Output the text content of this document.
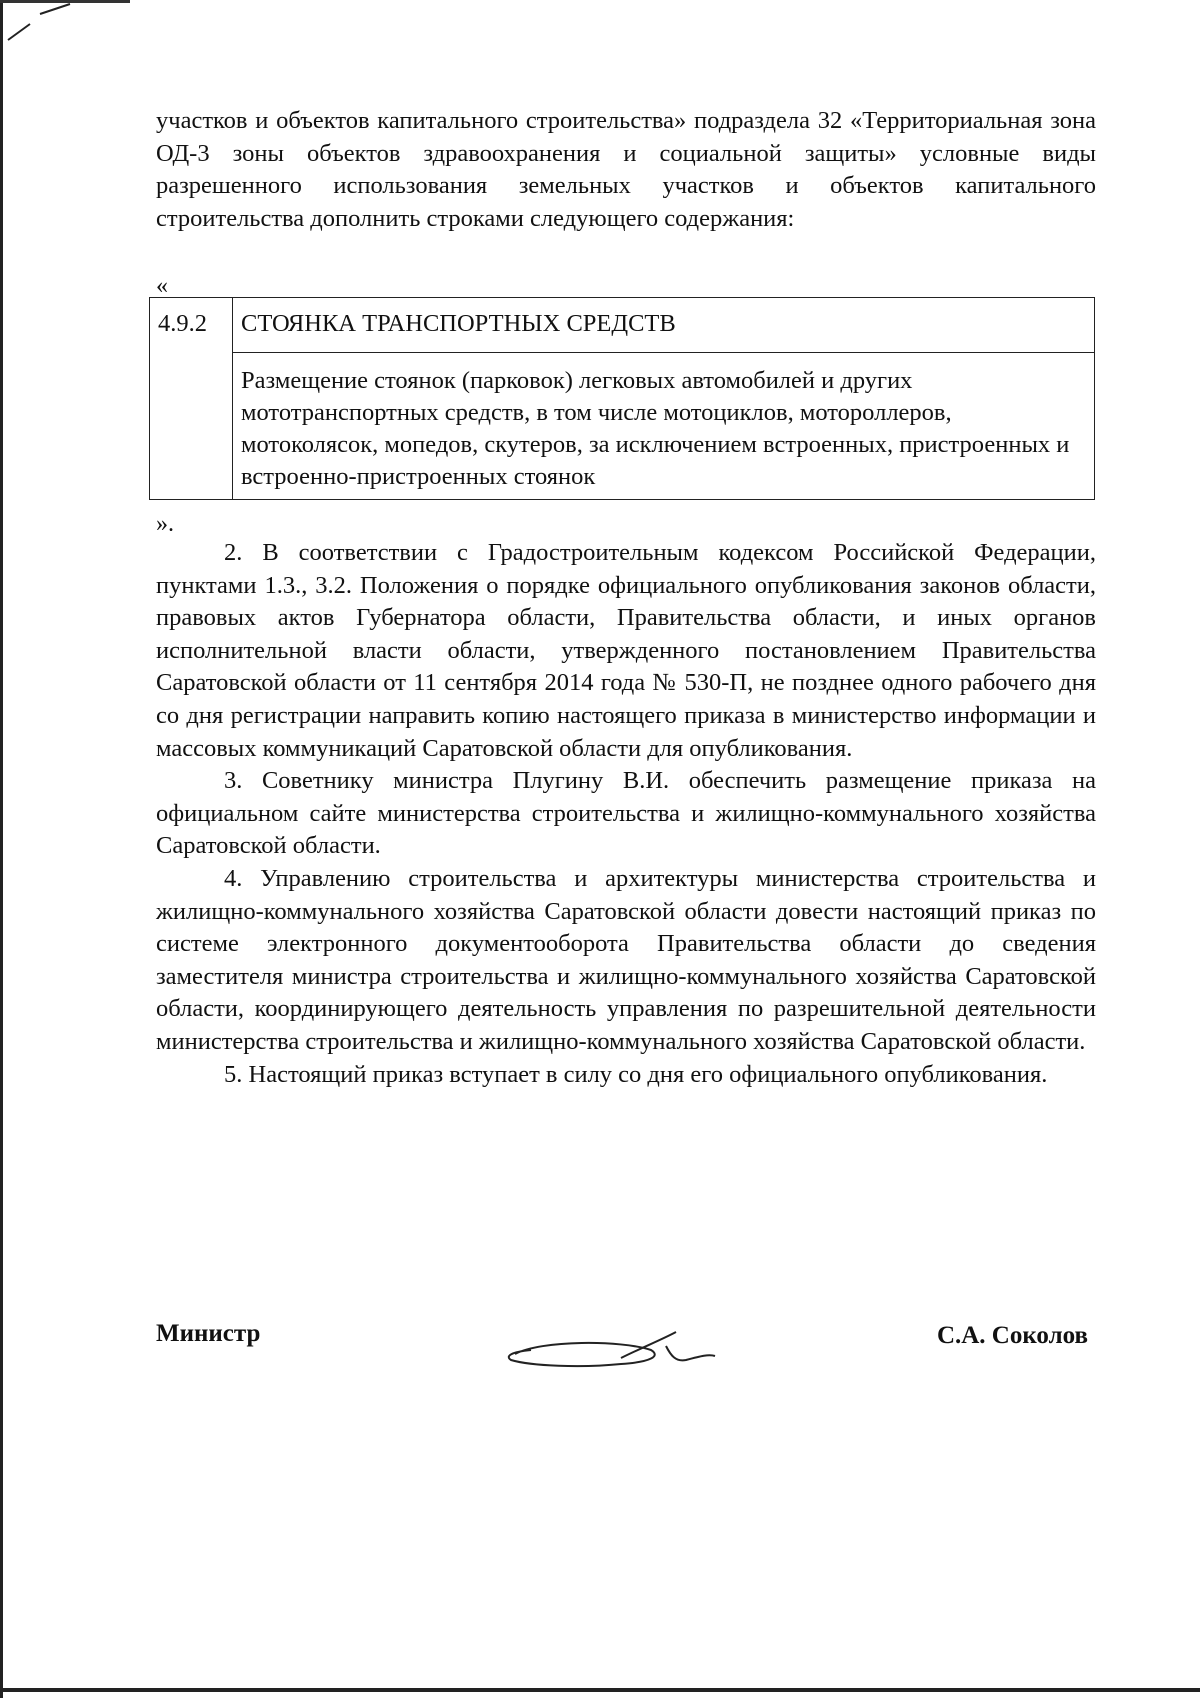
участков и объектов капитального строительства» подраздела 32 «Территориальная зона ОД-3 зоны объектов здравоохранения и социальной защиты» условные виды разрешенного использования земельных участков и объектов капитального строительства дополнить строками следующего содержания:

«
4.9.2	СТОЯНКА ТРАНСПОРТНЫХ СРЕДСТВ
Размещение стоянок (парковок) легковых автомобилей и других мототранспортных средств, в том числе мотоциклов, мотороллеров, мотоколясок, мопедов, скутеров, за исключением встроенных, пристроенных и встроенно-пристроенных стоянок
».

2. В соответствии с Градостроительным кодексом Российской Федерации, пунктами 1.3., 3.2. Положения о порядке официального опубликования законов области, правовых актов Губернатора области, Правительства области, и иных органов исполнительной власти области, утвержденного постановлением Правительства Саратовской области от 11 сентября 2014 года № 530-П, не позднее одного рабочего дня со дня регистрации направить копию настоящего приказа в министерство информации и массовых коммуникаций Саратовской области для опубликования.

3. Советнику министра Плугину В.И. обеспечить размещение приказа на официальном сайте министерства строительства и жилищно-коммунального хозяйства Саратовской области.

4. Управлению строительства и архитектуры министерства строительства и жилищно-коммунального хозяйства Саратовской области довести настоящий приказ по системе электронного документооборота Правительства области до сведения заместителя министра строительства и жилищно-коммунального хозяйства Саратовской области, координирующего деятельность управления по разрешительной деятельности министерства строительства и жилищно-коммунального хозяйства Саратовской области.

5. Настоящий приказ вступает в силу со дня его официального опубликования.

Министр	С.А. Соколов
